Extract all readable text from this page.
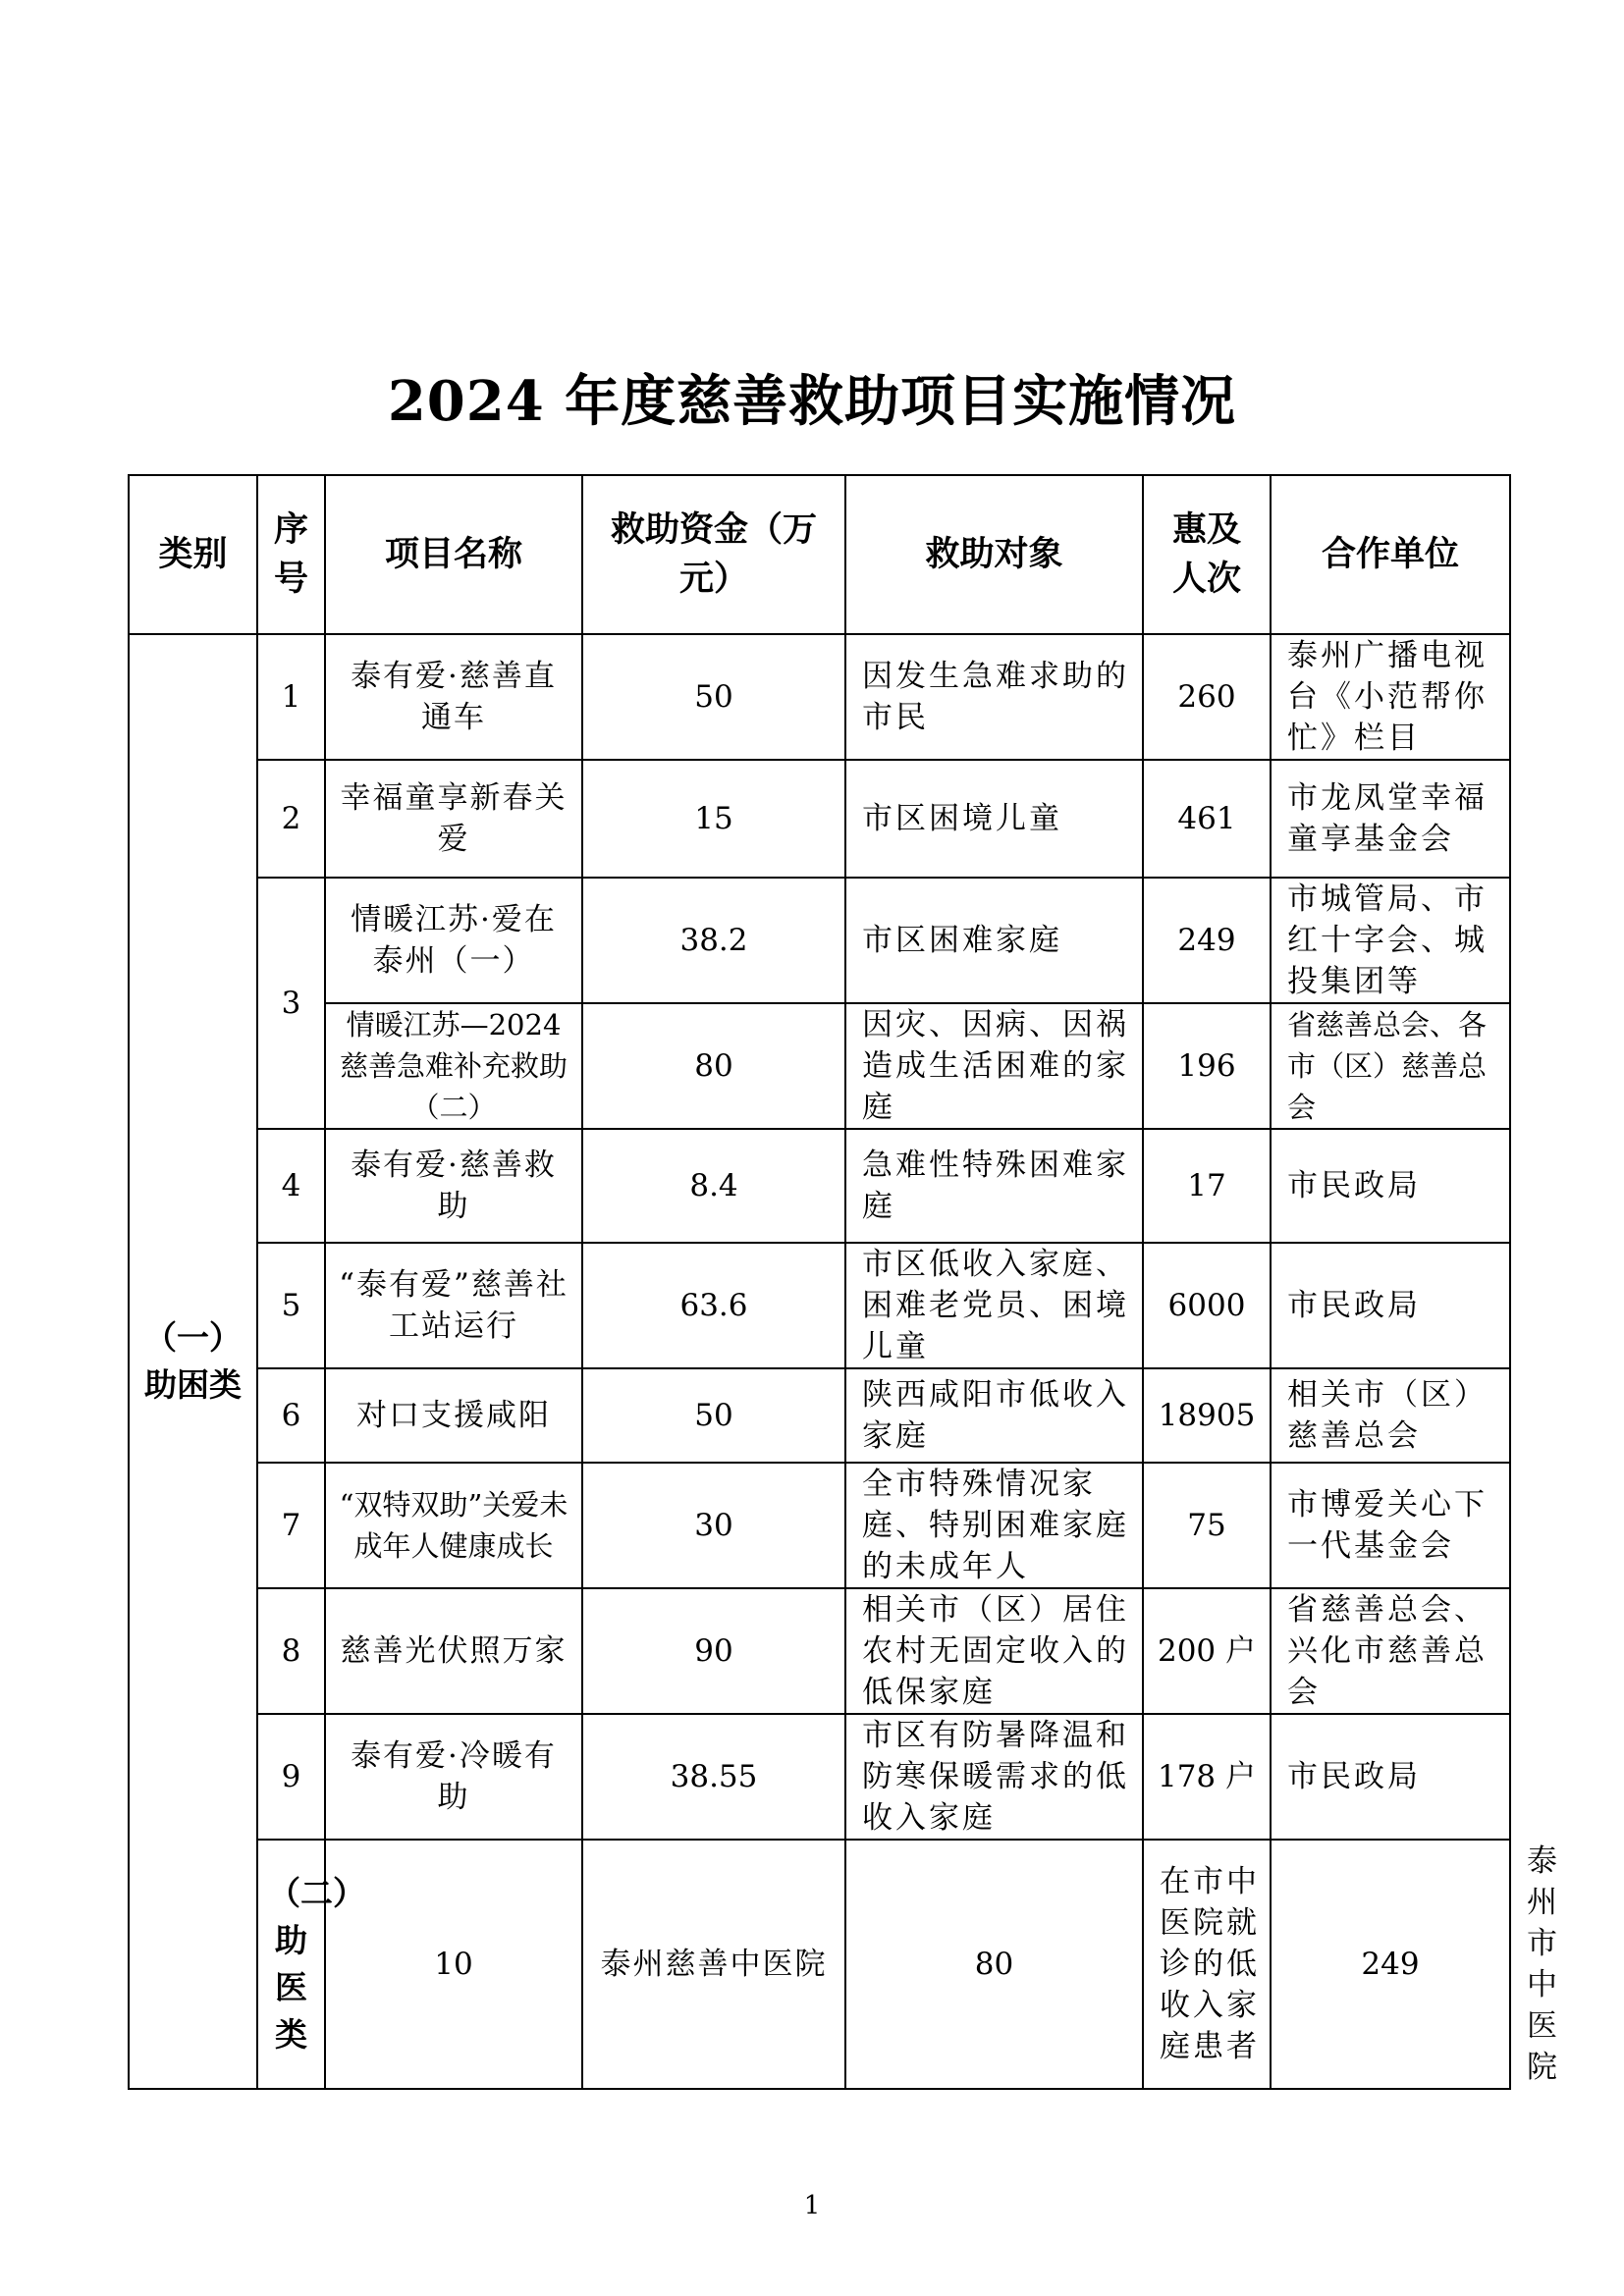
2024 年度慈善救助项目实施情况
类别	序号	项目名称	救助资金（万元）	救助对象	惠及人次	合作单位	
（一）助困类	1	泰有爱·慈善直通车	50	因发生急难求助的市民	260	泰州广播电视台《小范帮你忙》栏目	
	2	幸福童享新春关爱	15	市区困境儿童	461	市龙凤堂幸福童享基金会	
	3	情暖江苏·爱在泰州（一）	38.2	市区困难家庭	249	市城管局、市红十字会、城投集团等	
		情暖江苏—2024慈善急难补充救助（二）	80	因灾、因病、因祸造成生活困难的家庭	196	省慈善总会、各市（区）慈善总会	
	4	泰有爱·慈善救助	8.4	急难性特殊困难家庭	17	市民政局	
	5	“泰有爱”慈善社工站运行	63.6	市区低收入家庭、困难老党员、困境儿童	6000	市民政局	
	6	对口支援咸阳	50	陕西咸阳市低收入家庭	18905	相关市（区）慈善总会	
	7	“双特双助”关爱未成年人健康成长	30	全市特殊情况家庭、特别困难家庭的未成年人	75	市博爱关心下一代基金会	
	8	慈善光伏照万家	90	相关市（区）居住农村无固定收入的低保家庭	200 户	省慈善总会、兴化市慈善总会	
	9	泰有爱·冷暖有助	38.55	市区有防暑降温和防寒保暖需求的低收入家庭	178 户	市民政局	
	（二）助医类	10	泰州慈善中医院	80	在市中医院就诊的低收入家庭患者	249	泰州市中医院
1
